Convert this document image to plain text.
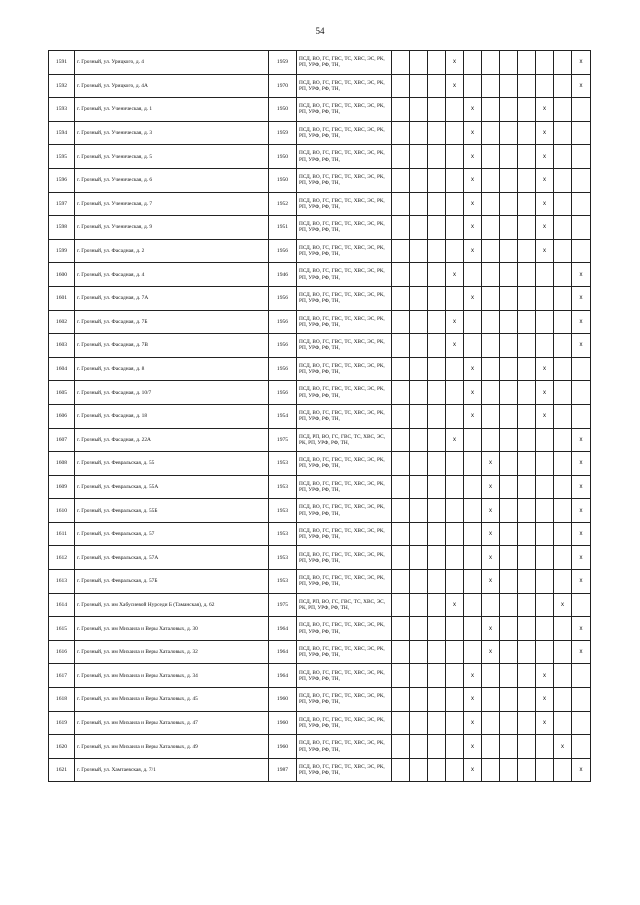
54
1591	г. Грозный, ул. Урицкого, д. 4	1959	ПСД, ВО, ГС, ГВС, ТС, ХВС, ЭС, РК, РП, УРФ, РФ, ТН,				x							x
1592	г. Грозный, ул. Урицкого, д. 4А	1970	ПСД, ВО, ГС, ГВС, ТС, ХВС, ЭС, РК, РП, УРФ, РФ, ТН,				x							x
1593	г. Грозный, ул. Ученическая, д. 1	1950	ПСД, ВО, ГС, ГВС, ТС, ХВС, ЭС, РК, РП, УРФ, РФ, ТН,					x				x		
1594	г. Грозный, ул. Ученическая, д. 3	1959	ПСД, ВО, ГС, ГВС, ТС, ХВС, ЭС, РК, РП, УРФ, РФ, ТН,					x				x		
1595	г. Грозный, ул. Ученическая, д. 5	1950	ПСД, ВО, ГС, ГВС, ТС, ХВС, ЭС, РК, РП, УРФ, РФ, ТН,					x				x		
1596	г. Грозный, ул. Ученическая, д. 6	1950	ПСД, ВО, ГС, ГВС, ТС, ХВС, ЭС, РК, РП, УРФ, РФ, ТН,					x				x		
1597	г. Грозный, ул. Ученическая, д. 7	1952	ПСД, ВО, ГС, ГВС, ТС, ХВС, ЭС, РК, РП, УРФ, РФ, ТН,					x				x		
1598	г. Грозный, ул. Ученическая, д. 9	1951	ПСД, ВО, ГС, ГВС, ТС, ХВС, ЭС, РК, РП, УРФ, РФ, ТН,					x				x		
1599	г. Грозный, ул. Фасадная, д. 2	1956	ПСД, ВО, ГС, ГВС, ТС, ХВС, ЭС, РК, РП, УРФ, РФ, ТН,					x				x		
1600	г. Грозный, ул. Фасадная, д. 4	1946	ПСД, ВО, ГС, ГВС, ТС, ХВС, ЭС, РК, РП, УРФ, РФ, ТН,				x							x
1601	г. Грозный, ул. Фасадная, д. 7А	1956	ПСД, ВО, ГС, ГВС, ТС, ХВС, ЭС, РК, РП, УРФ, РФ, ТН,					x						x
1602	г. Грозный, ул. Фасадная, д. 7Б	1956	ПСД, ВО, ГС, ГВС, ТС, ХВС, ЭС, РК, РП, УРФ, РФ, ТН,				x							x
1603	г. Грозный, ул. Фасадная, д. 7В	1956	ПСД, ВО, ГС, ГВС, ТС, ХВС, ЭС, РК, РП, УРФ, РФ, ТН,				x							x
1604	г. Грозный, ул. Фасадная, д. 8	1956	ПСД, ВО, ГС, ГВС, ТС, ХВС, ЭС, РК, РП, УРФ, РФ, ТН,					x				x		
1605	г. Грозный, ул. Фасадная, д. 10/7	1956	ПСД, ВО, ГС, ГВС, ТС, ХВС, ЭС, РК, РП, УРФ, РФ, ТН,					x				x		
1606	г. Грозный, ул. Фасадная, д. 18	1954	ПСД, ВО, ГС, ГВС, ТС, ХВС, ЭС, РК, РП, УРФ, РФ, ТН,					x				x		
1607	г. Грозный, ул. Фасадная, д. 22А	1975	ПСД, РП, ВО, ГС, ГВС, ТС, ХВС, ЭС, РК, РП, УРФ, РФ, ТН,				x							x
1608	г. Грозный, ул. Февральская, д. 55	1953	ПСД, ВО, ГС, ГВС, ТС, ХВС, ЭС, РК, РП, УРФ, РФ, ТН,						x					x
1609	г. Грозный, ул. Февральская, д. 55А	1953	ПСД, ВО, ГС, ГВС, ТС, ХВС, ЭС, РК, РП, УРФ, РФ, ТН,						x					x
1610	г. Грозный, ул. Февральская, д. 55Б	1953	ПСД, ВО, ГС, ГВС, ТС, ХВС, ЭС, РК, РП, УРФ, РФ, ТН,						x					x
1611	г. Грозный, ул. Февральская, д. 57	1953	ПСД, ВО, ГС, ГВС, ТС, ХВС, ЭС, РК, РП, УРФ, РФ, ТН,						x					x
1612	г. Грозный, ул. Февральская, д. 57А	1953	ПСД, ВО, ГС, ГВС, ТС, ХВС, ЭС, РК, РП, УРФ, РФ, ТН,						x					x
1613	г. Грозный, ул. Февральская, д. 57Б	1953	ПСД, ВО, ГС, ГВС, ТС, ХВС, ЭС, РК, РП, УРФ, РФ, ТН,						x					x
1614	г. Грозный, ул. им Хабусиевой Нурседи Б (Таманская), д. 62	1975	ПСД, РП, ВО, ГС, ГВС, ТС, ХВС, ЭС, РК, РП, УРФ, РФ, ТН,				x						x	
1615	г. Грозный, ул. им Михаила и Веры Хаталовых, д. 30	1964	ПСД, ВО, ГС, ГВС, ТС, ХВС, ЭС, РК, РП, УРФ, РФ, ТН,						x					x
1616	г. Грозный, ул. им Михаила и Веры Хаталовых, д. 32	1964	ПСД, ВО, ГС, ГВС, ТС, ХВС, ЭС, РК, РП, УРФ, РФ, ТН,						x					x
1617	г. Грозный, ул. им Михаила и Веры Хаталовых, д. 34	1964	ПСД, ВО, ГС, ГВС, ТС, ХВС, ЭС, РК, РП, УРФ, РФ, ТН,					x				x		
1618	г. Грозный, ул. им Михаила и Веры Хаталовых, д. 45	1960	ПСД, ВО, ГС, ГВС, ТС, ХВС, ЭС, РК, РП, УРФ, РФ, ТН,					x				x		
1619	г. Грозный, ул. им Михаила и Веры Хаталовых, д. 47	1960	ПСД, ВО, ГС, ГВС, ТС, ХВС, ЭС, РК, РП, УРФ, РФ, ТН,					x				x		
1620	г. Грозный, ул. им Михаила и Веры Хаталовых, д. 49	1960	ПСД, ВО, ГС, ГВС, ТС, ХВС, ЭС, РК, РП, УРФ, РФ, ТН,					x					x	
1621	г. Грозный, ул. Хамтаевская, д. 7/1	1987	ПСД, ВО, ГС, ГВС, ТС, ХВС, ЭС, РК, РП, УРФ, РФ, ТН,					x						x
